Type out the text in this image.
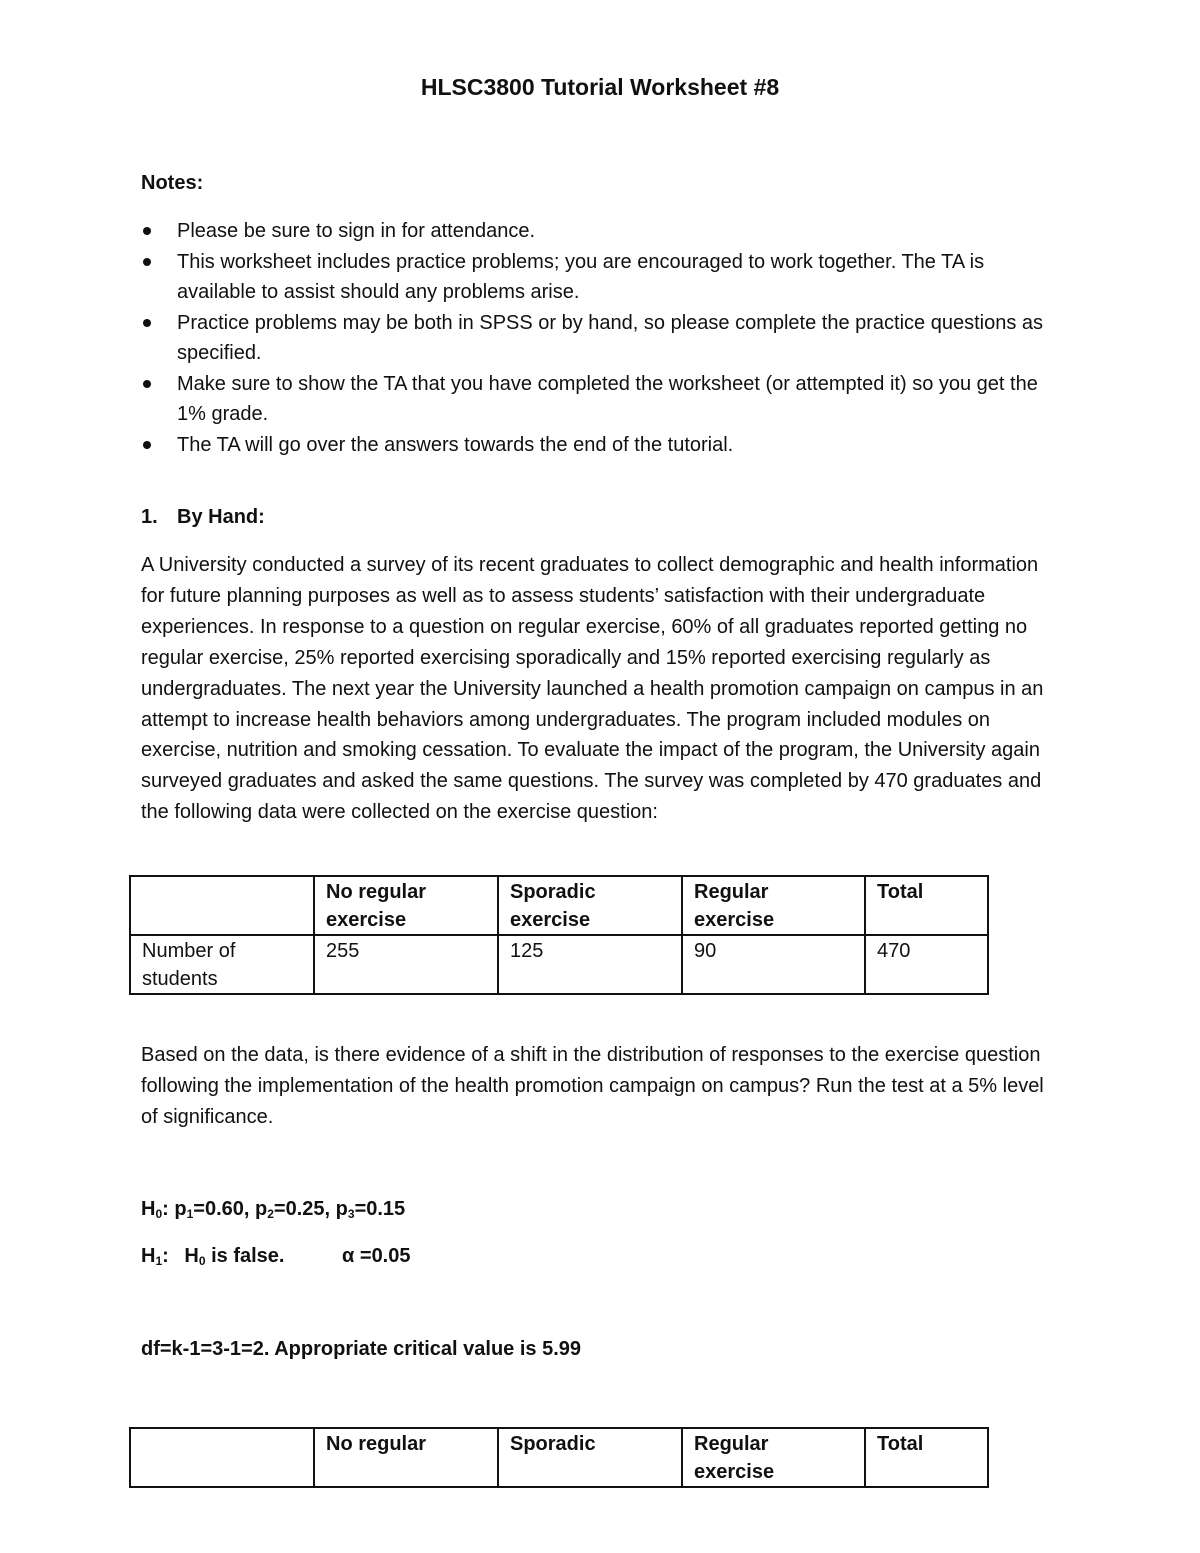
HLSC3800 Tutorial Worksheet #8
Notes:
Please be sure to sign in for attendance.
This worksheet includes practice problems; you are encouraged to work together. The TA is available to assist should any problems arise.
Practice problems may be both in SPSS or by hand, so please complete the practice questions as specified.
Make sure to show the TA that you have completed the worksheet (or attempted it) so you get the 1% grade.
The TA will go over the answers towards the end of the tutorial.
1. By Hand:

A University conducted a survey of its recent graduates to collect demographic and health information for future planning purposes as well as to assess students’ satisfaction with their undergraduate experiences. In response to a question on regular exercise, 60% of all graduates reported getting no regular exercise, 25% reported exercising sporadically and 15% reported exercising regularly as undergraduates. The next year the University launched a health promotion campaign on campus in an attempt to increase health behaviors among undergraduates. The program included modules on exercise, nutrition and smoking cessation. To evaluate the impact of the program, the University again surveyed graduates and asked the same questions. The survey was completed by 470 graduates and the following data were collected on the exercise question:

	No regular exercise	Sporadic exercise	Regular exercise	Total
Number of students	255	125	90	470

Based on the data, is there evidence of a shift in the distribution of responses to the exercise question following the implementation of the health promotion campaign on campus? Run the test at a 5% level of significance.

$H_0$: $p_1=0.60$, $p_2=0.25$, $p_3=0.15$
$H_1$: $H_0$ is false.	α =0.05
df=k-1=3-1=2. Appropriate critical value is 5.99
	No regular	Sporadic	Regular exercise	Total
